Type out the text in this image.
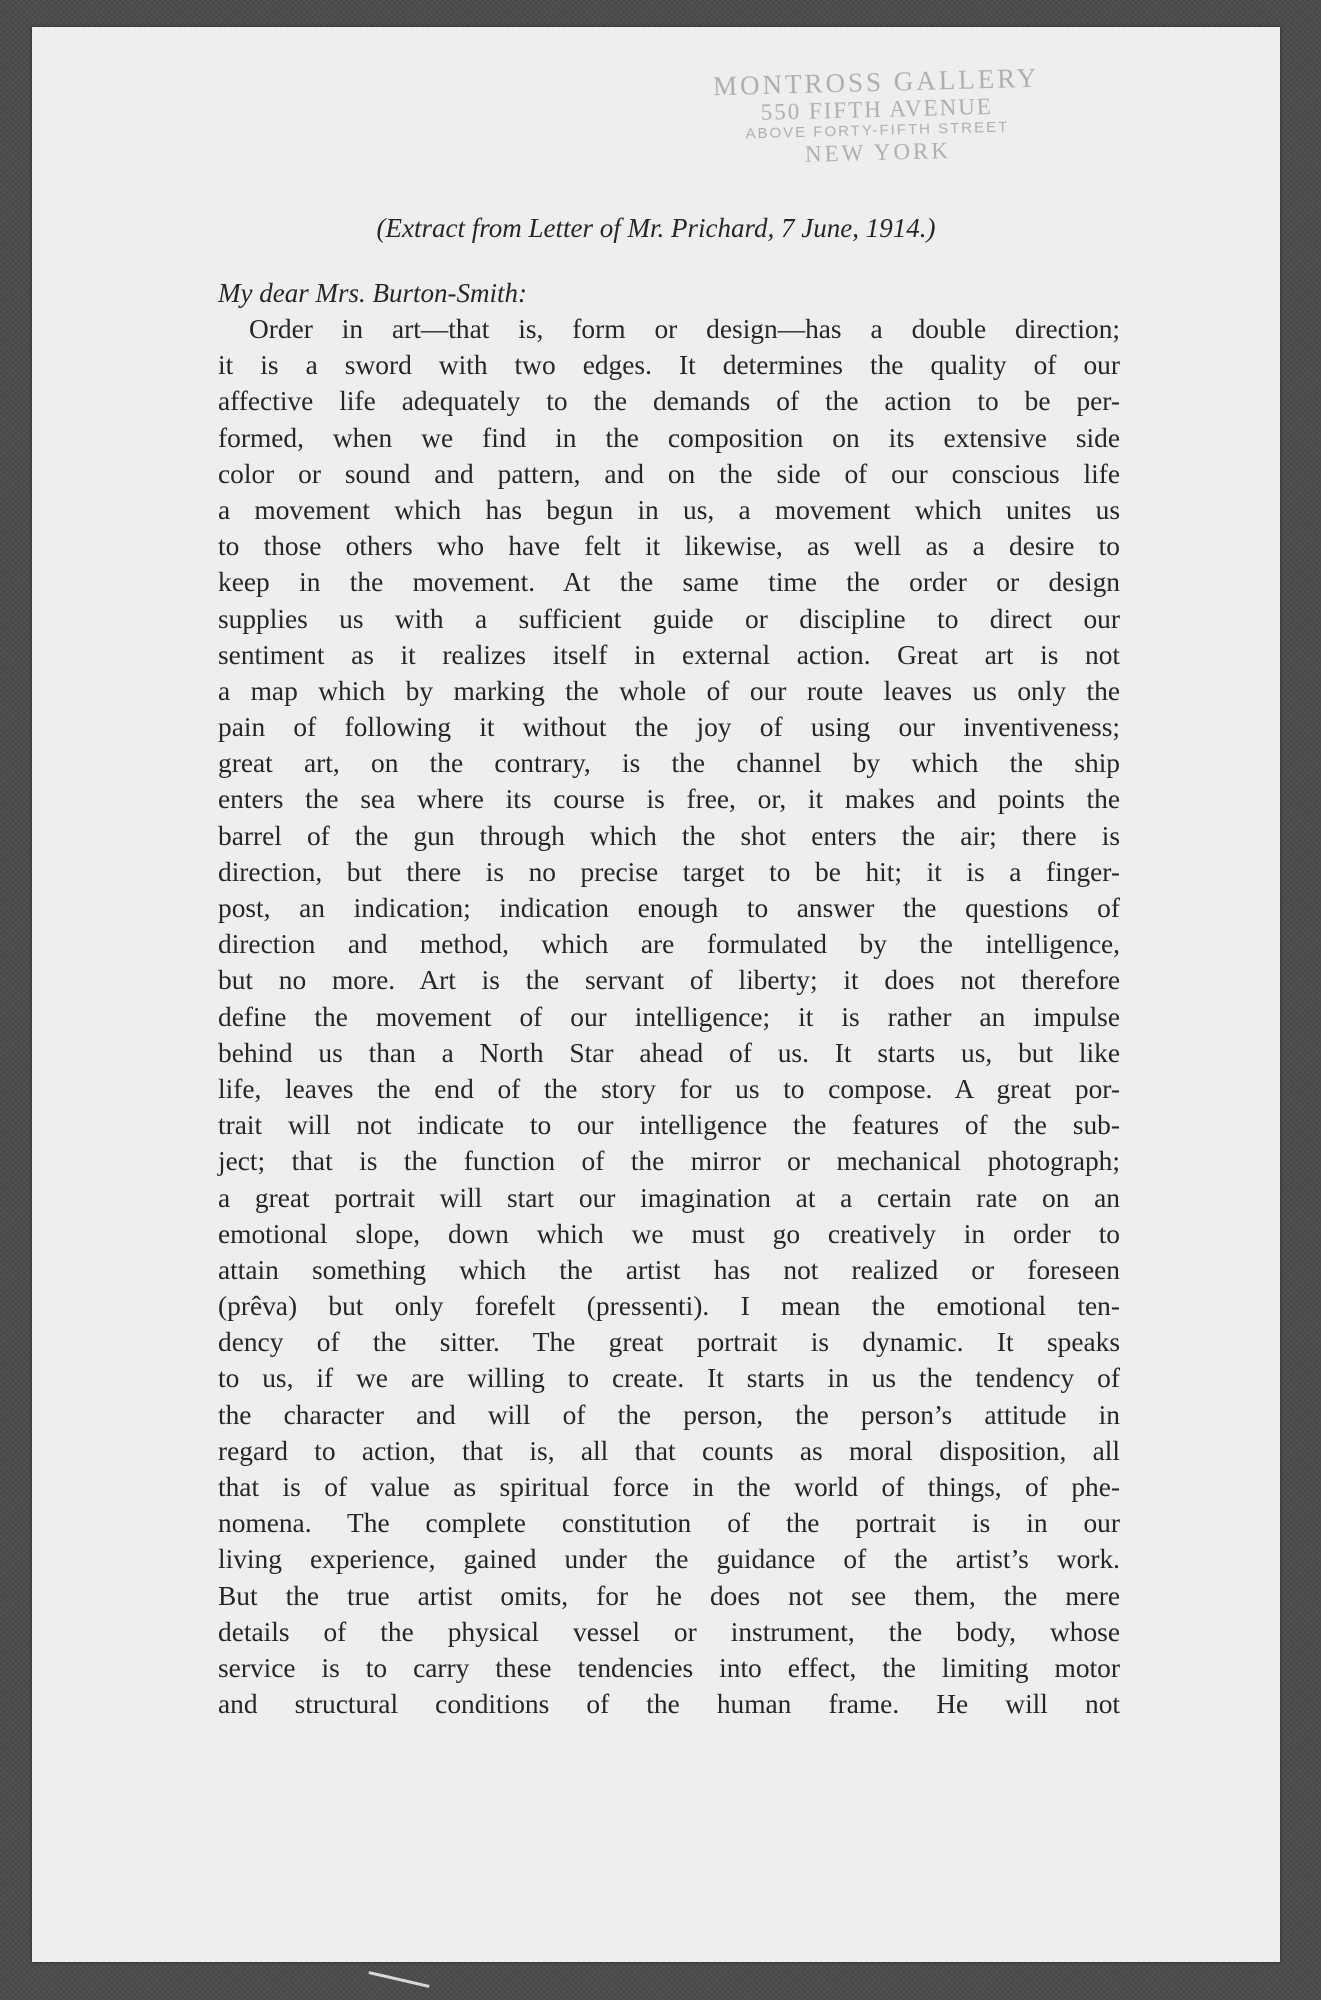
MONTROSS GALLERY
550 FIFTH AVENUE
ABOVE FORTY-FIFTH STREET
NEW YORK
(Extract from Letter of Mr. Prichard, 7 June, 1914.)
My dear Mrs. Burton-Smith:
Order in art—that is, form or design—has a double direction;
it is a sword with two edges. It determines the quality of our
affective life adequately to the demands of the action to be per-
formed, when we find in the composition on its extensive side
color or sound and pattern, and on the side of our conscious life
a movement which has begun in us, a movement which unites us
to those others who have felt it likewise, as well as a desire to
keep in the movement. At the same time the order or design
supplies us with a sufficient guide or discipline to direct our
sentiment as it realizes itself in external action. Great art is not
a map which by marking the whole of our route leaves us only the
pain of following it without the joy of using our inventiveness;
great art, on the contrary, is the channel by which the ship
enters the sea where its course is free, or, it makes and points the
barrel of the gun through which the shot enters the air; there is
direction, but there is no precise target to be hit; it is a finger-
post, an indication; indication enough to answer the questions of
direction and method, which are formulated by the intelligence,
but no more. Art is the servant of liberty; it does not therefore
define the movement of our intelligence; it is rather an impulse
behind us than a North Star ahead of us. It starts us, but like
life, leaves the end of the story for us to compose. A great por-
trait will not indicate to our intelligence the features of the sub-
ject; that is the function of the mirror or mechanical photograph;
a great portrait will start our imagination at a certain rate on an
emotional slope, down which we must go creatively in order to
attain something which the artist has not realized or foreseen
(prêva) but only forefelt (pressenti). I mean the emotional ten-
dency of the sitter. The great portrait is dynamic. It speaks
to us, if we are willing to create. It starts in us the tendency of
the character and will of the person, the person’s attitude in
regard to action, that is, all that counts as moral disposition, all
that is of value as spiritual force in the world of things, of phe-
nomena. The complete constitution of the portrait is in our
living experience, gained under the guidance of the artist’s work.
But the true artist omits, for he does not see them, the mere
details of the physical vessel or instrument, the body, whose
service is to carry these tendencies into effect, the limiting motor
and structural conditions of the human frame. He will not
